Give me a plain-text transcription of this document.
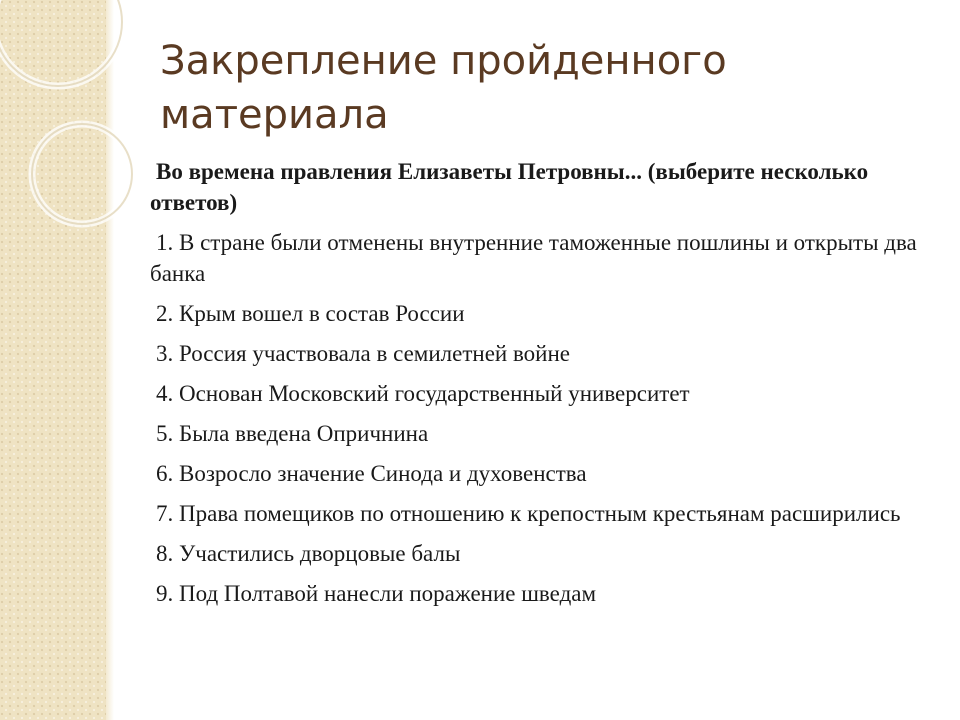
Закрепление пройденного материала

Во времена правления Елизаветы Петровны... (выберите несколько ответов)

1. В стране были отменены внутренние таможенные пошлины и открыты два банка

2. Крым вошел в состав России

3. Россия участвовала в семилетней войне

4. Основан Московский государственный университет

5. Была введена Опричнина

6. Возросло значение Синода и духовенства

7. Права помещиков по отношению к крепостным крестьянам расширились

8. Участились дворцовые балы

9. Под Полтавой нанесли поражение шведам
